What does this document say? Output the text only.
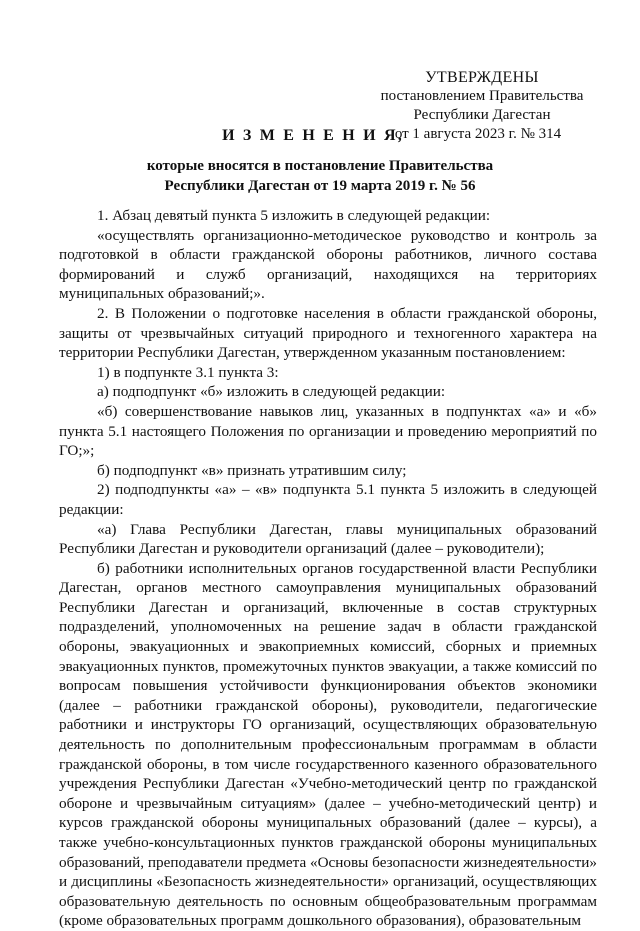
УТВЕРЖДЕНЫ
постановлением Правительства
Республики Дагестан
от 1 августа 2023 г. № 314
И З М Е Н Е Н И Я,
которые вносятся в постановление Правительства
Республики Дагестан от 19 марта 2019 г. № 56

1. Абзац девятый пункта 5 изложить в следующей редакции:

«осуществлять организационно-методическое руководство и контроль за подготовкой в области гражданской обороны работников, личного состава формирований и служб организаций, находящихся на территориях муниципальных образований;».

2. В Положении о подготовке населения в области гражданской обороны, защиты от чрезвычайных ситуаций природного и техногенного характера на территории Республики Дагестан, утвержденном указанным постановлением:

1) в подпункте 3.1 пункта 3:

а) подподпункт «б» изложить в следующей редакции:

«б) совершенствование навыков лиц, указанных в подпунктах «а» и «б» пункта 5.1 настоящего Положения по организации и проведению мероприятий по ГО;»;

б) подподпункт «в» признать утратившим силу;

2) подподпункты «а» – «в» подпункта 5.1 пункта 5 изложить в следующей редакции:

«а) Глава Республики Дагестан, главы муниципальных образований Республики Дагестан и руководители организаций (далее – руководители);

б) работники исполнительных органов государственной власти Республики Дагестан, органов местного самоуправления муниципальных образований Республики Дагестан и организаций, включенные в состав структурных подразделений, уполномоченных на решение задач в области гражданской обороны, эвакуационных и эвакоприемных комиссий, сборных и приемных эвакуационных пунктов, промежуточных пунктов эвакуации, а также комиссий по вопросам повышения устойчивости функционирования объектов экономики (далее – работники гражданской обороны), руководители, педагогические работники и инструкторы ГО организаций, осуществляющих образовательную деятельность по дополнительным профессиональным программам в области гражданской обороны, в том числе государственного казенного образовательного учреждения Республики Дагестан «Учебно-методический центр по гражданской обороне и чрезвычайным ситуациям» (далее – учебно-методический центр) и курсов гражданской обороны муниципальных образований (далее – курсы), а также учебно-консультационных пунктов гражданской обороны муниципальных образований, преподаватели предмета «Основы безопасности жизнедеятельности» и дисциплины «Безопасность жизнедеятельности» организаций, осуществляющих образовательную деятельность по основным общеобразовательным программам (кроме образовательных программ дошкольного образования), образовательным
